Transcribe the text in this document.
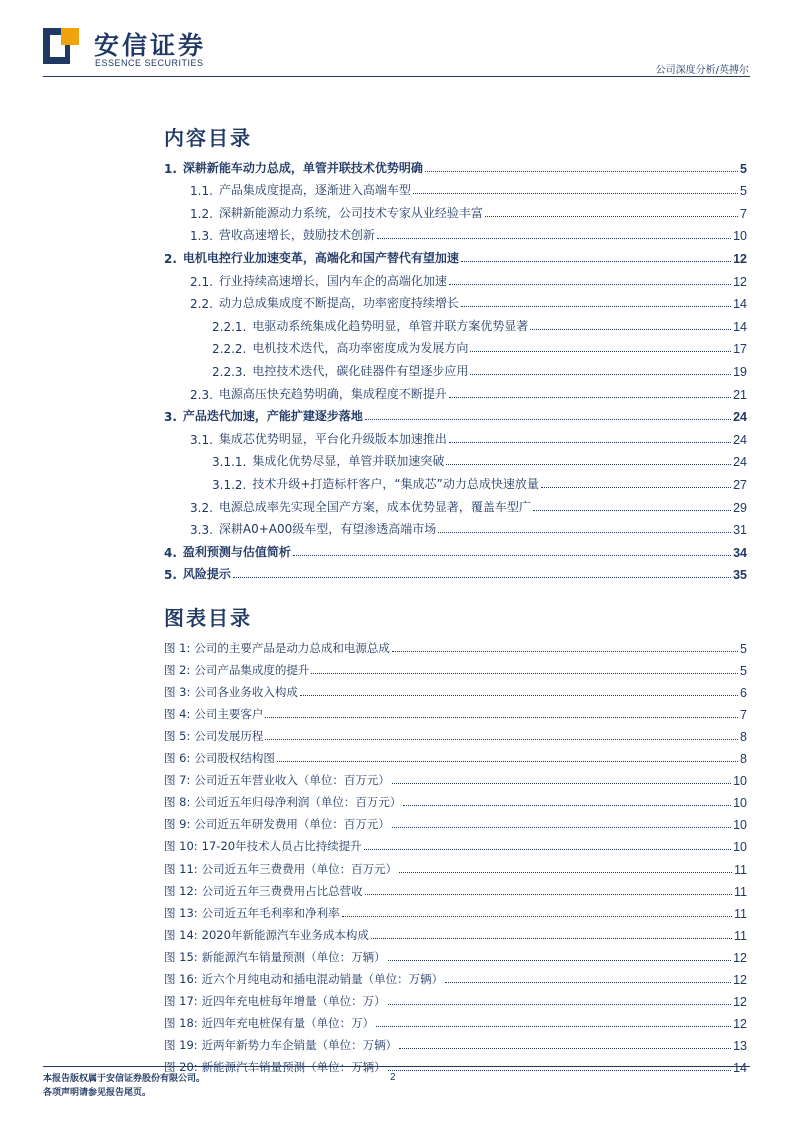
安信证券
ESSENCE SECURITIES
公司深度分析/英搏尔
内容目录
1. 深耕新能车动力总成，单管并联技术优势明确	5
1.1. 产品集成度提高，逐渐进入高端车型	5
1.2. 深耕新能源动力系统，公司技术专家从业经验丰富	7
1.3. 营收高速增长，鼓励技术创新	10
2. 电机电控行业加速变革，高端化和国产替代有望加速	12
2.1. 行业持续高速增长，国内车企的高端化加速	12
2.2. 动力总成集成度不断提高，功率密度持续增长	14
2.2.1. 电驱动系统集成化趋势明显，单管并联方案优势显著	14
2.2.2. 电机技术迭代，高功率密度成为发展方向	17
2.2.3. 电控技术迭代，碳化硅器件有望逐步应用	19
2.3. 电源高压快充趋势明确，集成程度不断提升	21
3. 产品迭代加速，产能扩建逐步落地	24
3.1. 集成芯优势明显，平台化升级版本加速推出	24
3.1.1. 集成化优势尽显，单管并联加速突破	24
3.1.2. 技术升级+打造标杆客户，“集成芯”动力总成快速放量	27
3.2. 电源总成率先实现全国产方案，成本优势显著，覆盖车型广	29
3.3. 深耕A0+A00级车型，有望渗透高端市场	31
4. 盈利预测与估值简析	34
5. 风险提示	35
图表目录
图 1: 公司的主要产品是动力总成和电源总成	5
图 2: 公司产品集成度的提升	5
图 3: 公司各业务收入构成	6
图 4: 公司主要客户	7
图 5: 公司发展历程	8
图 6: 公司股权结构图	8
图 7: 公司近五年营业收入（单位：百万元）	10
图 8: 公司近五年归母净利润（单位：百万元）	10
图 9: 公司近五年研发费用（单位：百万元）	10
图 10: 17-20年技术人员占比持续提升	10
图 11: 公司近五年三费费用（单位：百万元）	11
图 12: 公司近五年三费费用占比总营收	11
图 13: 公司近五年毛利率和净利率	11
图 14: 2020年新能源汽车业务成本构成	11
图 15: 新能源汽车销量预测（单位：万辆）	12
图 16: 近六个月纯电动和插电混动销量（单位：万辆）	12
图 17: 近四年充电桩每年增量（单位：万）	12
图 18: 近四年充电桩保有量（单位：万）	12
图 19: 近两年新势力车企销量（单位：万辆）	13
图 20: 新能源汽车销量预测（单位：万辆）	14
本报告版权属于安信证券股份有限公司。
各项声明请参见报告尾页。
2
